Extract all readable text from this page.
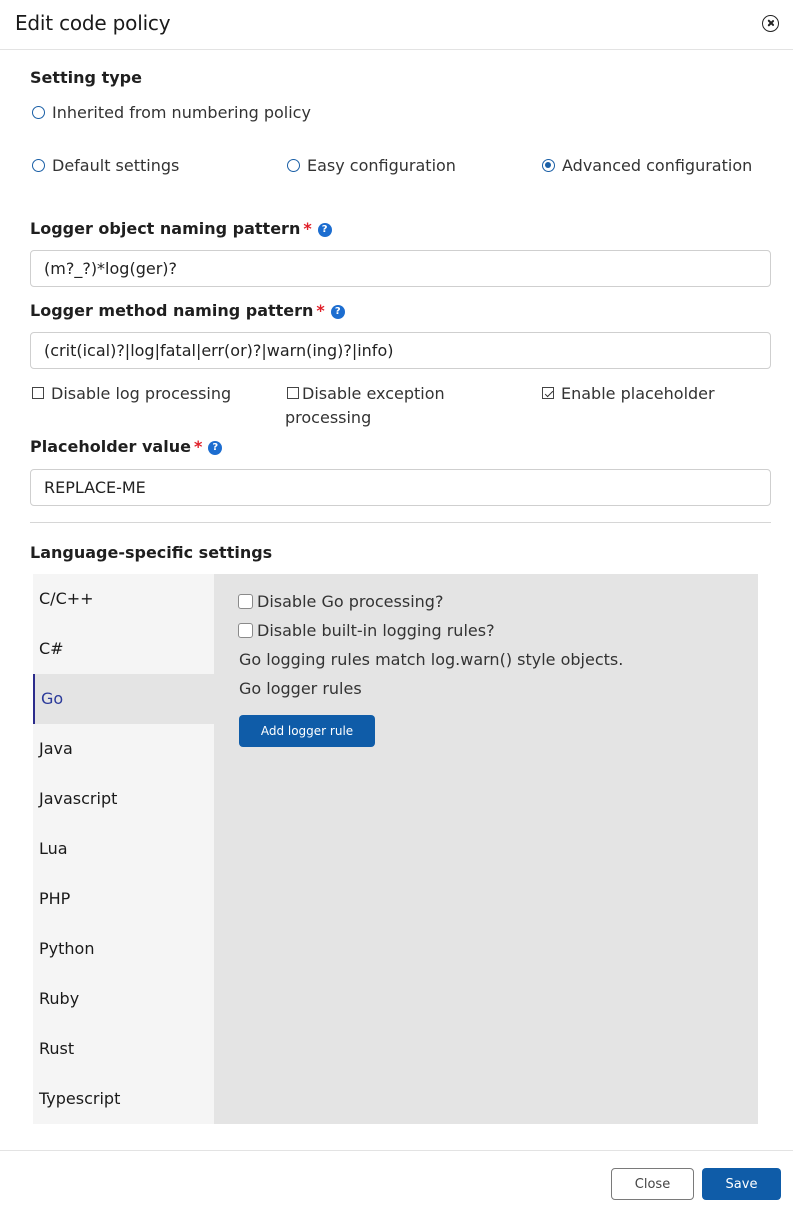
Edit code policy
Setting type
Inherited from numbering policy
Default settings	Easy configuration	Advanced configuration
Logger object naming pattern * ?
(m?_?)*log(ger)?
Logger method naming pattern * ?
(crit(ical)?|log|fatal|err(or)?|warn(ing)?|info)
Disable log processing	Disable exception processing
Enable placeholder
Placeholder value * ?
REPLACE-ME
Language-specific settings
C/C++
C#
Go
Java
Javascript
Lua
PHP
Python
Ruby
Rust
Typescript
Disable Go processing?
Disable built-in logging rules?
Go logging rules match log.warn() style objects.
Go logger rules
Add logger rule
Close	Save
